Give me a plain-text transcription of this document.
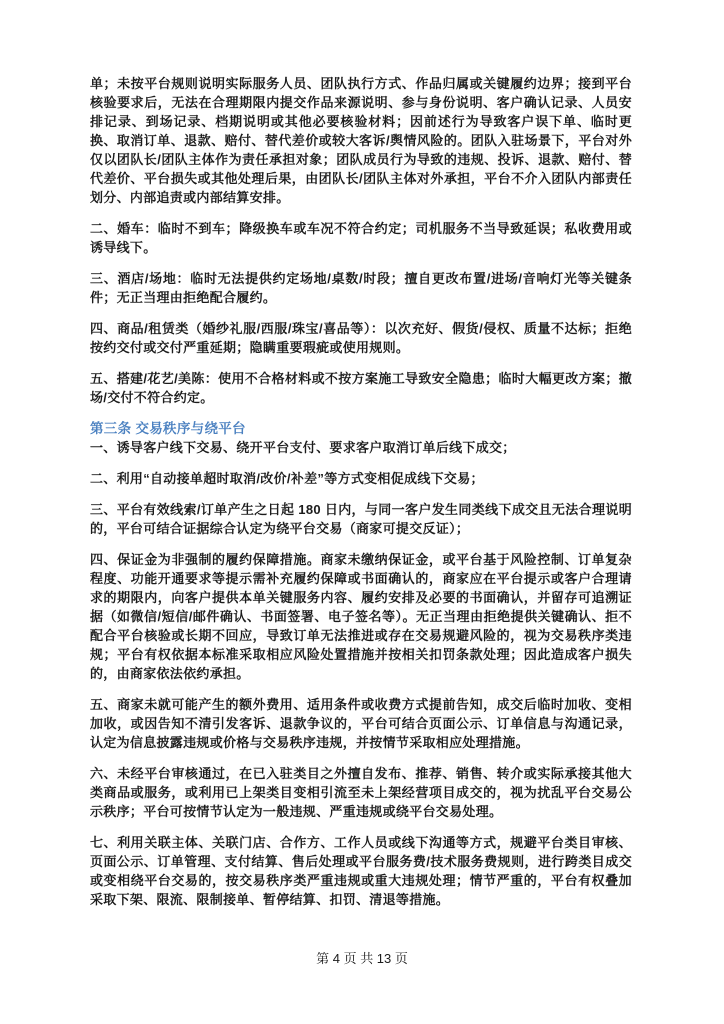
单；未按平台规则说明实际服务人员、团队执行方式、作品归属或关键履约边界；接到平台核验要求后，无法在合理期限内提交作品来源说明、参与身份说明、客户确认记录、人员安排记录、到场记录、档期说明或其他必要核验材料；因前述行为导致客户误下单、临时更换、取消订单、退款、赔付、替代差价或较大客诉/舆情风险的。团队入驻场景下，平台对外仅以团队长/团队主体作为责任承担对象；团队成员行为导致的违规、投诉、退款、赔付、替代差价、平台损失或其他处理后果，由团队长/团队主体对外承担，平台不介入团队内部责任划分、内部追责或内部结算安排。

二、婚车：临时不到车；降级换车或车况不符合约定；司机服务不当导致延误；私收费用或诱导线下。

三、酒店/场地：临时无法提供约定场地/桌数/时段；擅自更改布置/进场/音响灯光等关键条件；无正当理由拒绝配合履约。

四、商品/租赁类（婚纱礼服/西服/珠宝/喜品等）：以次充好、假货/侵权、质量不达标；拒绝按约交付或交付严重延期；隐瞒重要瑕疵或使用规则。

五、搭建/花艺/美陈：使用不合格材料或不按方案施工导致安全隐患；临时大幅更改方案；撤场/交付不符合约定。

第三条 交易秩序与绕平台

一、诱导客户线下交易、绕开平台支付、要求客户取消订单后线下成交；

二、利用“自动接单超时取消/改价/补差”等方式变相促成线下交易；

三、平台有效线索/订单产生之日起 180 日内，与同一客户发生同类线下成交且无法合理说明的，平台可结合证据综合认定为绕平台交易（商家可提交反证）；

四、保证金为非强制的履约保障措施。商家未缴纳保证金，或平台基于风险控制、订单复杂程度、功能开通要求等提示需补充履约保障或书面确认的，商家应在平台提示或客户合理请求的期限内，向客户提供本单关键服务内容、履约安排及必要的书面确认，并留存可追溯证据（如微信/短信/邮件确认、书面签署、电子签名等）。无正当理由拒绝提供关键确认、拒不配合平台核验或长期不回应，导致订单无法推进或存在交易规避风险的，视为交易秩序类违规；平台有权依据本标准采取相应风险处置措施并按相关扣罚条款处理；因此造成客户损失的，由商家依法依约承担。

五、商家未就可能产生的额外费用、适用条件或收费方式提前告知，成交后临时加收、变相加收，或因告知不清引发客诉、退款争议的，平台可结合页面公示、订单信息与沟通记录，认定为信息披露违规或价格与交易秩序违规，并按情节采取相应处理措施。

六、未经平台审核通过，在已入驻类目之外擅自发布、推荐、销售、转介或实际承接其他大类商品或服务，或利用已上架类目变相引流至未上架经营项目成交的，视为扰乱平台交易公示秩序；平台可按情节认定为一般违规、严重违规或绕平台交易处理。

七、利用关联主体、关联门店、合作方、工作人员或线下沟通等方式，规避平台类目审核、页面公示、订单管理、支付结算、售后处理或平台服务费/技术服务费规则，进行跨类目成交或变相绕平台交易的，按交易秩序类严重违规或重大违规处理；情节严重的，平台有权叠加采取下架、限流、限制接单、暂停结算、扣罚、清退等措施。

第 4 页 共 13 页
